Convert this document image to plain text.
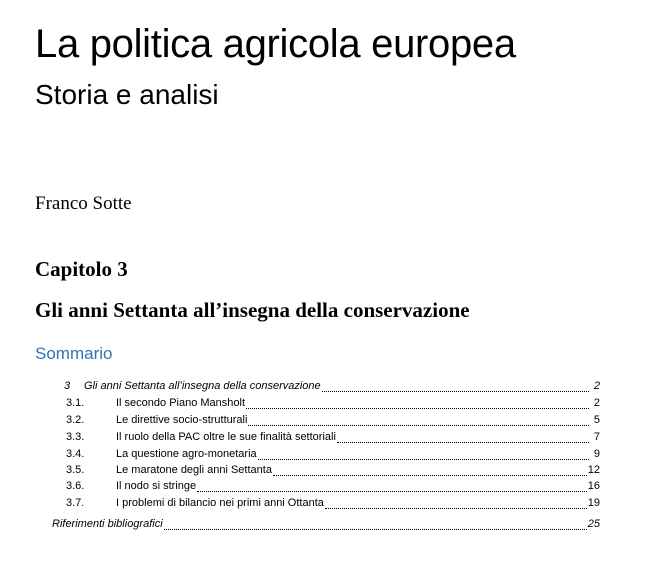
La politica agricola europea
Storia e analisi
Franco Sotte
Capitolo 3
Gli anni Settanta all’insegna della conservazione
Sommario
3	Gli anni Settanta all’insegna della conservazione	2
3.1.	Il secondo Piano Mansholt	2
3.2.	Le direttive socio-strutturali	5
3.3.	Il ruolo della PAC oltre le sue finalità settoriali	7
3.4.	La questione agro-monetaria	9
3.5.	Le maratone degli anni Settanta	12
3.6.	Il nodo si stringe	16
3.7.	I problemi di bilancio nei primi anni Ottanta	19
Riferimenti bibliografici	25
